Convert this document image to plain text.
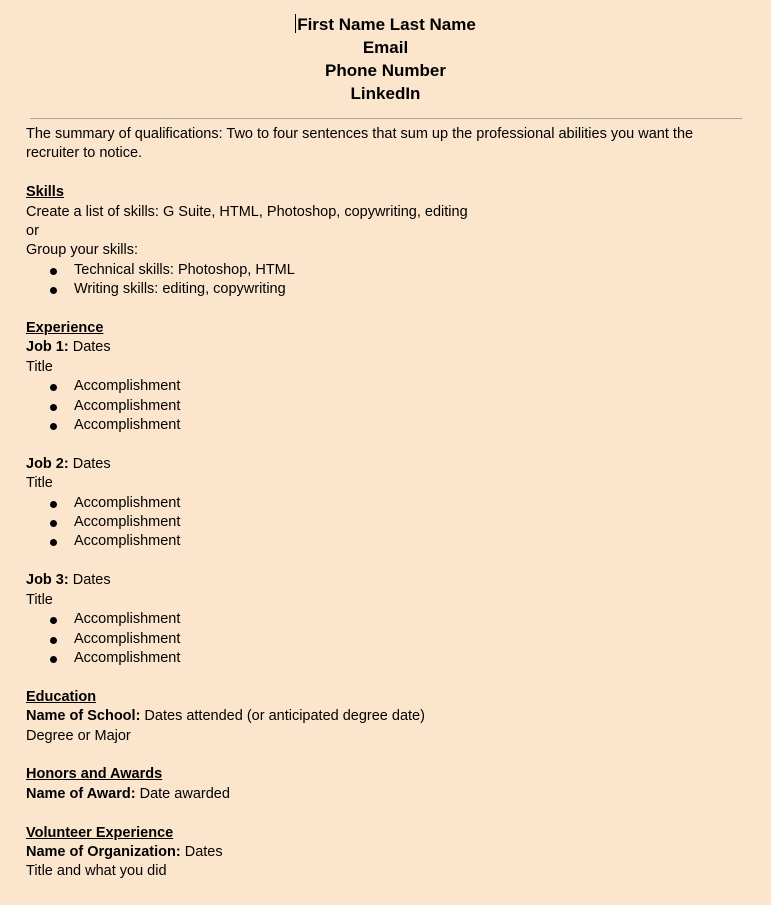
First Name Last Name
Email
Phone Number
LinkedIn

The summary of qualifications: Two to four sentences that sum up the professional abilities you want the recruiter to notice.

Skills
Create a list of skills: G Suite, HTML, Photoshop, copywriting, editing
or
Group your skills:
Technical skills: Photoshop, HTML
Writing skills: editing, copywriting
Experience
Job 1: Dates
Title
Accomplishment
Accomplishment
Accomplishment
Job 2: Dates
Title
Accomplishment
Accomplishment
Accomplishment
Job 3: Dates
Title
Accomplishment
Accomplishment
Accomplishment
Education
Name of School: Dates attended (or anticipated degree date)
Degree or Major
Honors and Awards
Name of Award: Date awarded
Volunteer Experience
Name of Organization: Dates
Title and what you did
